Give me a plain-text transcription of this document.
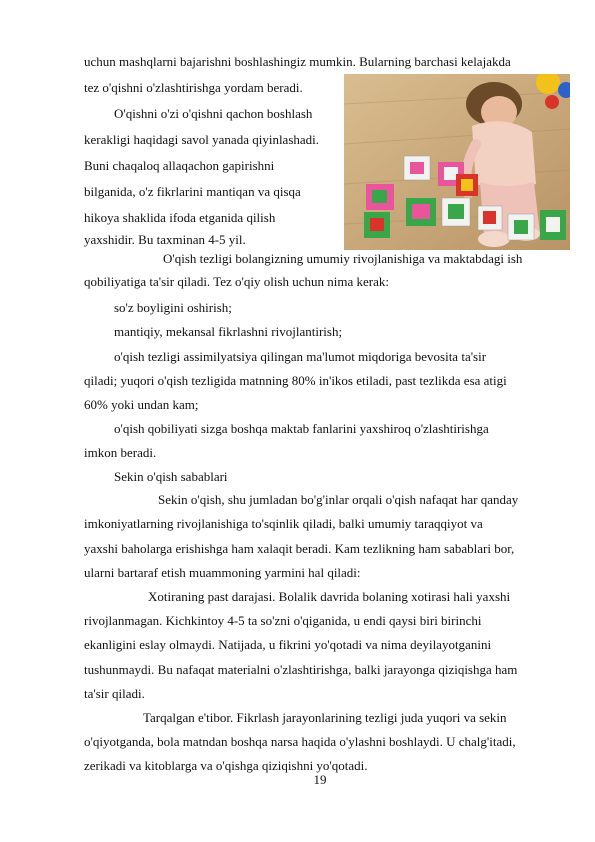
uchun mashqlarni bajarishni boshlashingiz mumkin. Bularning barchasi kelajakda

tez o'qishni o'zlashtirishga yordam beradi.

O'qishni o'zi o'qishni qachon boshlash

kerakligi haqidagi savol yanada qiyinlashadi.

Buni chaqaloq allaqachon gapirishni

bilganida, o'z fikrlarini mantiqan va qisqa

hikoya shaklida ifoda etganida qilish

yaxshidir. Bu taxminan 4-5 yil.

O'qish tezligi bolangizning umumiy rivojlanishiga va maktabdagi ish

qobiliyatiga ta'sir qiladi. Tez o'qiy olish uchun nima kerak:

so'z boyligini oshirish;

mantiqiy, mekansal fikrlashni rivojlantirish;

o'qish tezligi assimilyatsiya qilingan ma'lumot miqdoriga bevosita ta'sir

qiladi; yuqori o'qish tezligida matnning 80% in'ikos etiladi, past tezlikda esa atigi

60% yoki undan kam;

o'qish qobiliyati sizga boshqa maktab fanlarini yaxshiroq o'zlashtirishga

imkon beradi.

Sekin o'qish sabablari

Sekin o'qish, shu jumladan bo'g'inlar orqali o'qish nafaqat har qanday

imkoniyatlarning rivojlanishiga to'sqinlik qiladi, balki umumiy taraqqiyot va

yaxshi baholarga erishishga ham xalaqit beradi. Kam tezlikning ham sabablari bor,

ularni bartaraf etish muammoning yarmini hal qiladi:

Xotiraning past darajasi. Bolalik davrida bolaning xotirasi hali yaxshi

rivojlanmagan. Kichkintoy 4-5 ta so'zni o'qiganida, u endi qaysi biri birinchi

ekanligini eslay olmaydi. Natijada, u fikrini yo'qotadi va nima deyilayotganini

tushunmaydi. Bu nafaqat materialni o'zlashtirishga, balki jarayonga qiziqishga ham

ta'sir qiladi.

Tarqalgan e'tibor. Fikrlash jarayonlarining tezligi juda yuqori va sekin

o'qiyotganda, bola matndan boshqa narsa haqida o'ylashni boshlaydi. U chalg'itadi,

zerikadi va kitoblarga va o'qishga qiziqishni yo'qotadi.

19
